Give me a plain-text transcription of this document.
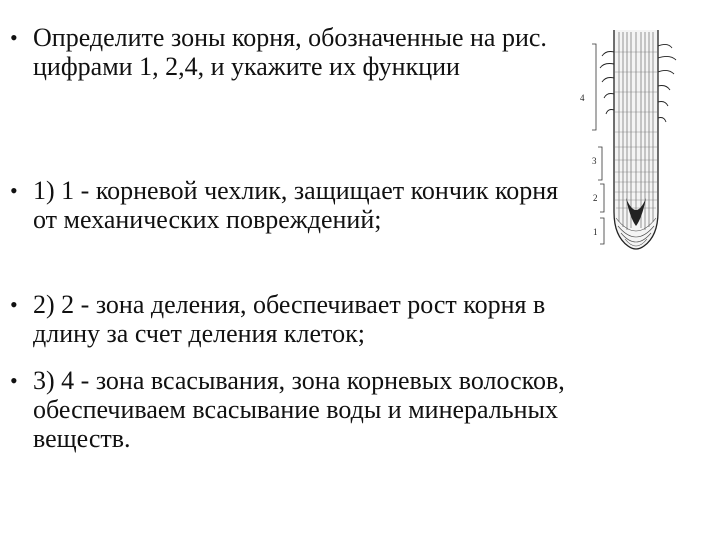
• Определите зоны корня, обозначенные на рис. цифрами 1, 2,4, и укажите их функции
• 1) 1 - корневой чехлик, защищает кончик корня от механических повреждений;
• 2) 2 - зона деления, обеспечивает рост корня в длину за счет деления клеток;
• 3) 4 - зона всасывания, зона корневых волосков, обеспечиваем всасывание воды и минеральных веществ.
4
3
2
1
